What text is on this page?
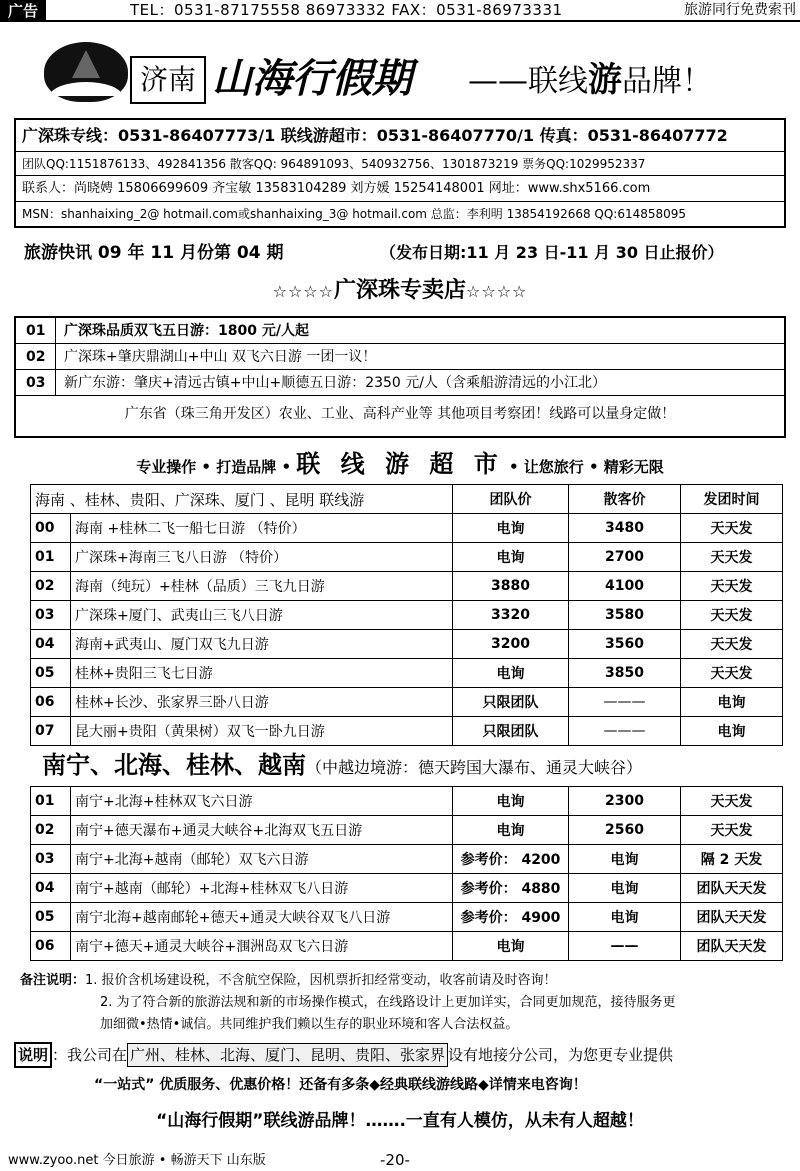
广告	TEL：0531-87175558 86973332 FAX：0531-86973331	旅游同行免费索刊
济南 山海行假期 ——联线游品牌！
广深珠专线：0531-86407773/1 联线游超市：0531-86407770/1 传真：0531-86407772
团队QQ:1151876133、492841356 散客QQ: 964891093、540932756、1301873219 票务QQ:1029952337
联系人：尚晓娉 15806699609 齐宝敏 13583104289 刘方媛 15254148001 网址：www.shx5166.com
MSN：shanhaixing_2@ hotmail.com或shanhaixing_3@ hotmail.com 总监：李利明 13854192668 QQ:614858095
旅游快讯 09 年 11 月份第 04 期	（发布日期:11 月 23 日-11 月 30 日止报价）
☆☆☆☆广深珠专卖店☆☆☆☆
01 广深珠品质双飞五日游：1800 元/人起
02 广深珠+肇庆鼎湖山+中山 双飞六日游 一团一议！
03 新广东游：肇庆+清远古镇+中山+顺德五日游：2350 元/人（含乘船游清远的小江北）
广东省（珠三角开发区）农业、工业、高科产业等 其他项目考察团！线路可以量身定做！
专业操作 • 打造品牌 • 联 线 游 超 市 • 让您旅行 • 精彩无限
海南 、桂林、贵阳、广深珠、厦门 、昆明 联线游		团队价	散客价	发团时间
00	海南 +桂林二飞一船七日游 （特价）	电询	3480	天天发
01	广深珠+海南三飞八日游 （特价）	电询	2700	天天发
02	海南（纯玩）+桂林（品质）三飞九日游	3880	4100	天天发
03	广深珠+厦门、武夷山三飞八日游	3320	3580	天天发
04	海南+武夷山、厦门双飞九日游	3200	3560	天天发
05	桂林+贵阳三飞七日游	电询	3850	天天发
06	桂林+长沙、张家界三卧八日游	只限团队	———	电询
07	昆大丽+贵阳（黄果树）双飞一卧九日游	只限团队	———	电询
南宁、北海、桂林、越南（中越边境游：德天跨国大瀑布、通灵大峡谷）
01	南宁+北海+桂林双飞六日游	电询	2300	天天发
02	南宁+德天瀑布+通灵大峡谷+北海双飞五日游	电询	2560	天天发
03	南宁+北海+越南（邮轮）双飞六日游	参考价： 4200	电询	隔 2 天发
04	南宁+越南（邮轮）+北海+桂林双飞八日游	参考价： 4880	电询	团队天天发
05	南宁北海+越南邮轮+德天+通灵大峡谷双飞八日游	参考价： 4900	电询	团队天天发
06	南宁+德天+通灵大峡谷+涠洲岛双飞六日游	电询	——	团队天天发

备注说明：1. 报价含机场建设税，不含航空保险，因机票折扣经常变动，收客前请及时咨询！

2. 为了符合新的旅游法规和新的市场操作模式，在线路设计上更加详实，合同更加规范，接待服务更

加细微•热情•诚信。共同维护我们赖以生存的职业环境和客人合法权益。

说明 ：我公司在 广州、桂林、北海、厦门、昆明、贵阳、张家界 设有地接分公司，为您更专业提供
“一站式” 优质服务、优惠价格！还备有多条◆经典联线游线路◆详情来电咨询！
“山海行假期”联线游品牌！…….一直有人模仿，从未有人超越！
www.zyoo.net 今日旅游 • 畅游天下 山东版	-20-
